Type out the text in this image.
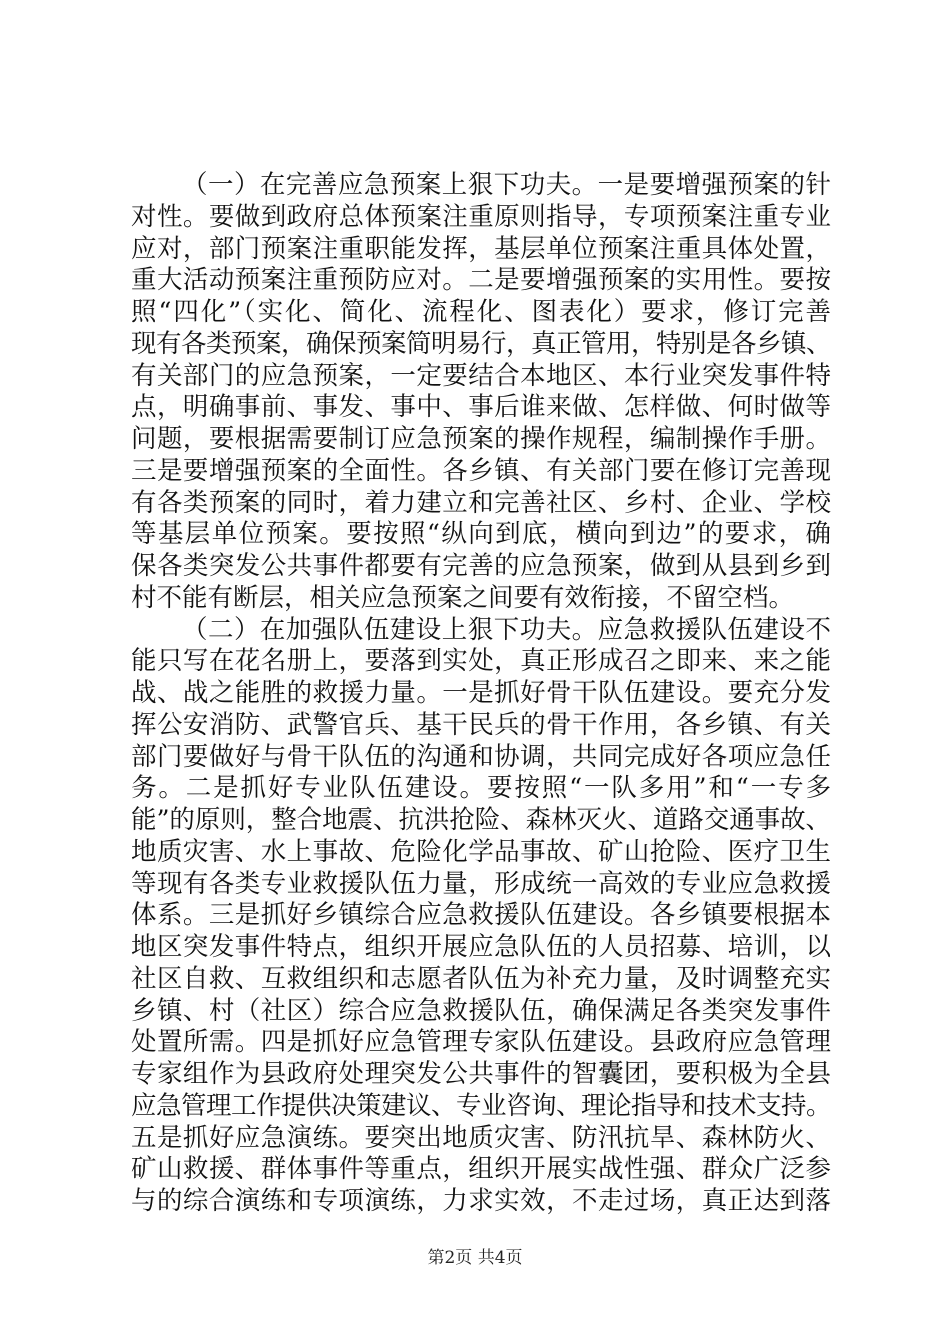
（一）在完善应急预案上狠下功夫。一是要增强预案的针
对性。要做到政府总体预案注重原则指导，专项预案注重专业
应对，部门预案注重职能发挥，基层单位预案注重具体处置，
重大活动预案注重预防应对。二是要增强预案的实用性。要按
照“四化”（实化、简化、流程化、图表化）要求，修订完善
现有各类预案，确保预案简明易行，真正管用，特别是各乡镇、
有关部门的应急预案，一定要结合本地区、本行业突发事件特
点，明确事前、事发、事中、事后谁来做、怎样做、何时做等
问题，要根据需要制订应急预案的操作规程，编制操作手册。
三是要增强预案的全面性。各乡镇、有关部门要在修订完善现
有各类预案的同时，着力建立和完善社区、乡村、企业、学校
等基层单位预案。要按照“纵向到底，横向到边”的要求，确
保各类突发公共事件都要有完善的应急预案，做到从县到乡到
村不能有断层，相关应急预案之间要有效衔接，不留空档。
（二）在加强队伍建设上狠下功夫。应急救援队伍建设不
能只写在花名册上，要落到实处，真正形成召之即来、来之能
战、战之能胜的救援力量。一是抓好骨干队伍建设。要充分发
挥公安消防、武警官兵、基干民兵的骨干作用，各乡镇、有关
部门要做好与骨干队伍的沟通和协调，共同完成好各项应急任
务。二是抓好专业队伍建设。要按照“一队多用”和“一专多
能”的原则，整合地震、抗洪抢险、森林灭火、道路交通事故、
地质灾害、水上事故、危险化学品事故、矿山抢险、医疗卫生
等现有各类专业救援队伍力量，形成统一高效的专业应急救援
体系。三是抓好乡镇综合应急救援队伍建设。各乡镇要根据本
地区突发事件特点，组织开展应急队伍的人员招募、培训，以
社区自救、互救组织和志愿者队伍为补充力量，及时调整充实
乡镇、村（社区）综合应急救援队伍，确保满足各类突发事件
处置所需。四是抓好应急管理专家队伍建设。县政府应急管理
专家组作为县政府处理突发公共事件的智囊团，要积极为全县
应急管理工作提供决策建议、专业咨询、理论指导和技术支持。
五是抓好应急演练。要突出地质灾害、防汛抗旱、森林防火、
矿山救援、群体事件等重点，组织开展实战性强、群众广泛参
与的综合演练和专项演练，力求实效，不走过场，真正达到落
第2页 共4页
